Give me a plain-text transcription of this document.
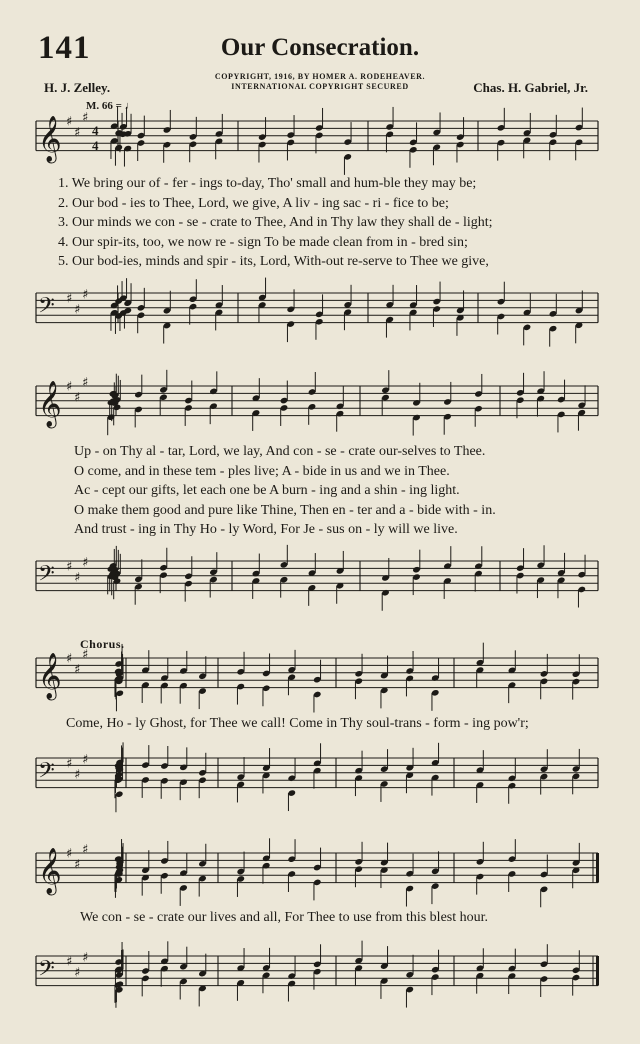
141	Our Consecration.
COPYRIGHT, 1916, BY HOMER A. RODEHEAVER.
INTERNATIONAL COPYRIGHT SECURED
H. J. Zelley.	Chas. H. Gabriel, Jr.
M. 66 = ♩
𝄞 ♯
♯
♯
4
4
𝄢 ♯
♯
♯
𝄞 ♯
♯
♯
𝄢 ♯
♯
♯
𝄞 ♯
♯
♯
𝄢 ♯
♯
♯
𝄞 ♯
♯
♯
𝄢 ♯
♯
♯
1. We bring our of - fer - ings to-day, Tho' small and hum-ble they may be;
2. Our bod - ies to Thee, Lord, we give, A liv - ing sac - ri - fice to be;
3. Our minds we con - se - crate to Thee, And in Thy law they shall de - light;
4. Our spir-its, too, we now re - sign To be made clean from in - bred sin;
5. Our bod-ies, minds and spir - its, Lord, With-out re-serve to Thee we give,
Up - on Thy al - tar, Lord, we lay, And con - se - crate our-selves to Thee.
O come, and in these tem - ples live; A - bide in us and we in Thee.
Ac - cept our gifts, let each one be A burn - ing and a shin - ing light.
O make them good and pure like Thine, Then en - ter and a - bide with - in.
And trust - ing in Thy Ho - ly Word, For Je - sus on - ly will we live.
Chorus.
Come, Ho - ly Ghost, for Thee we call! Come in Thy soul-trans - form - ing pow'r;
We con - se - crate our lives and all, For Thee to use from this blest hour.
